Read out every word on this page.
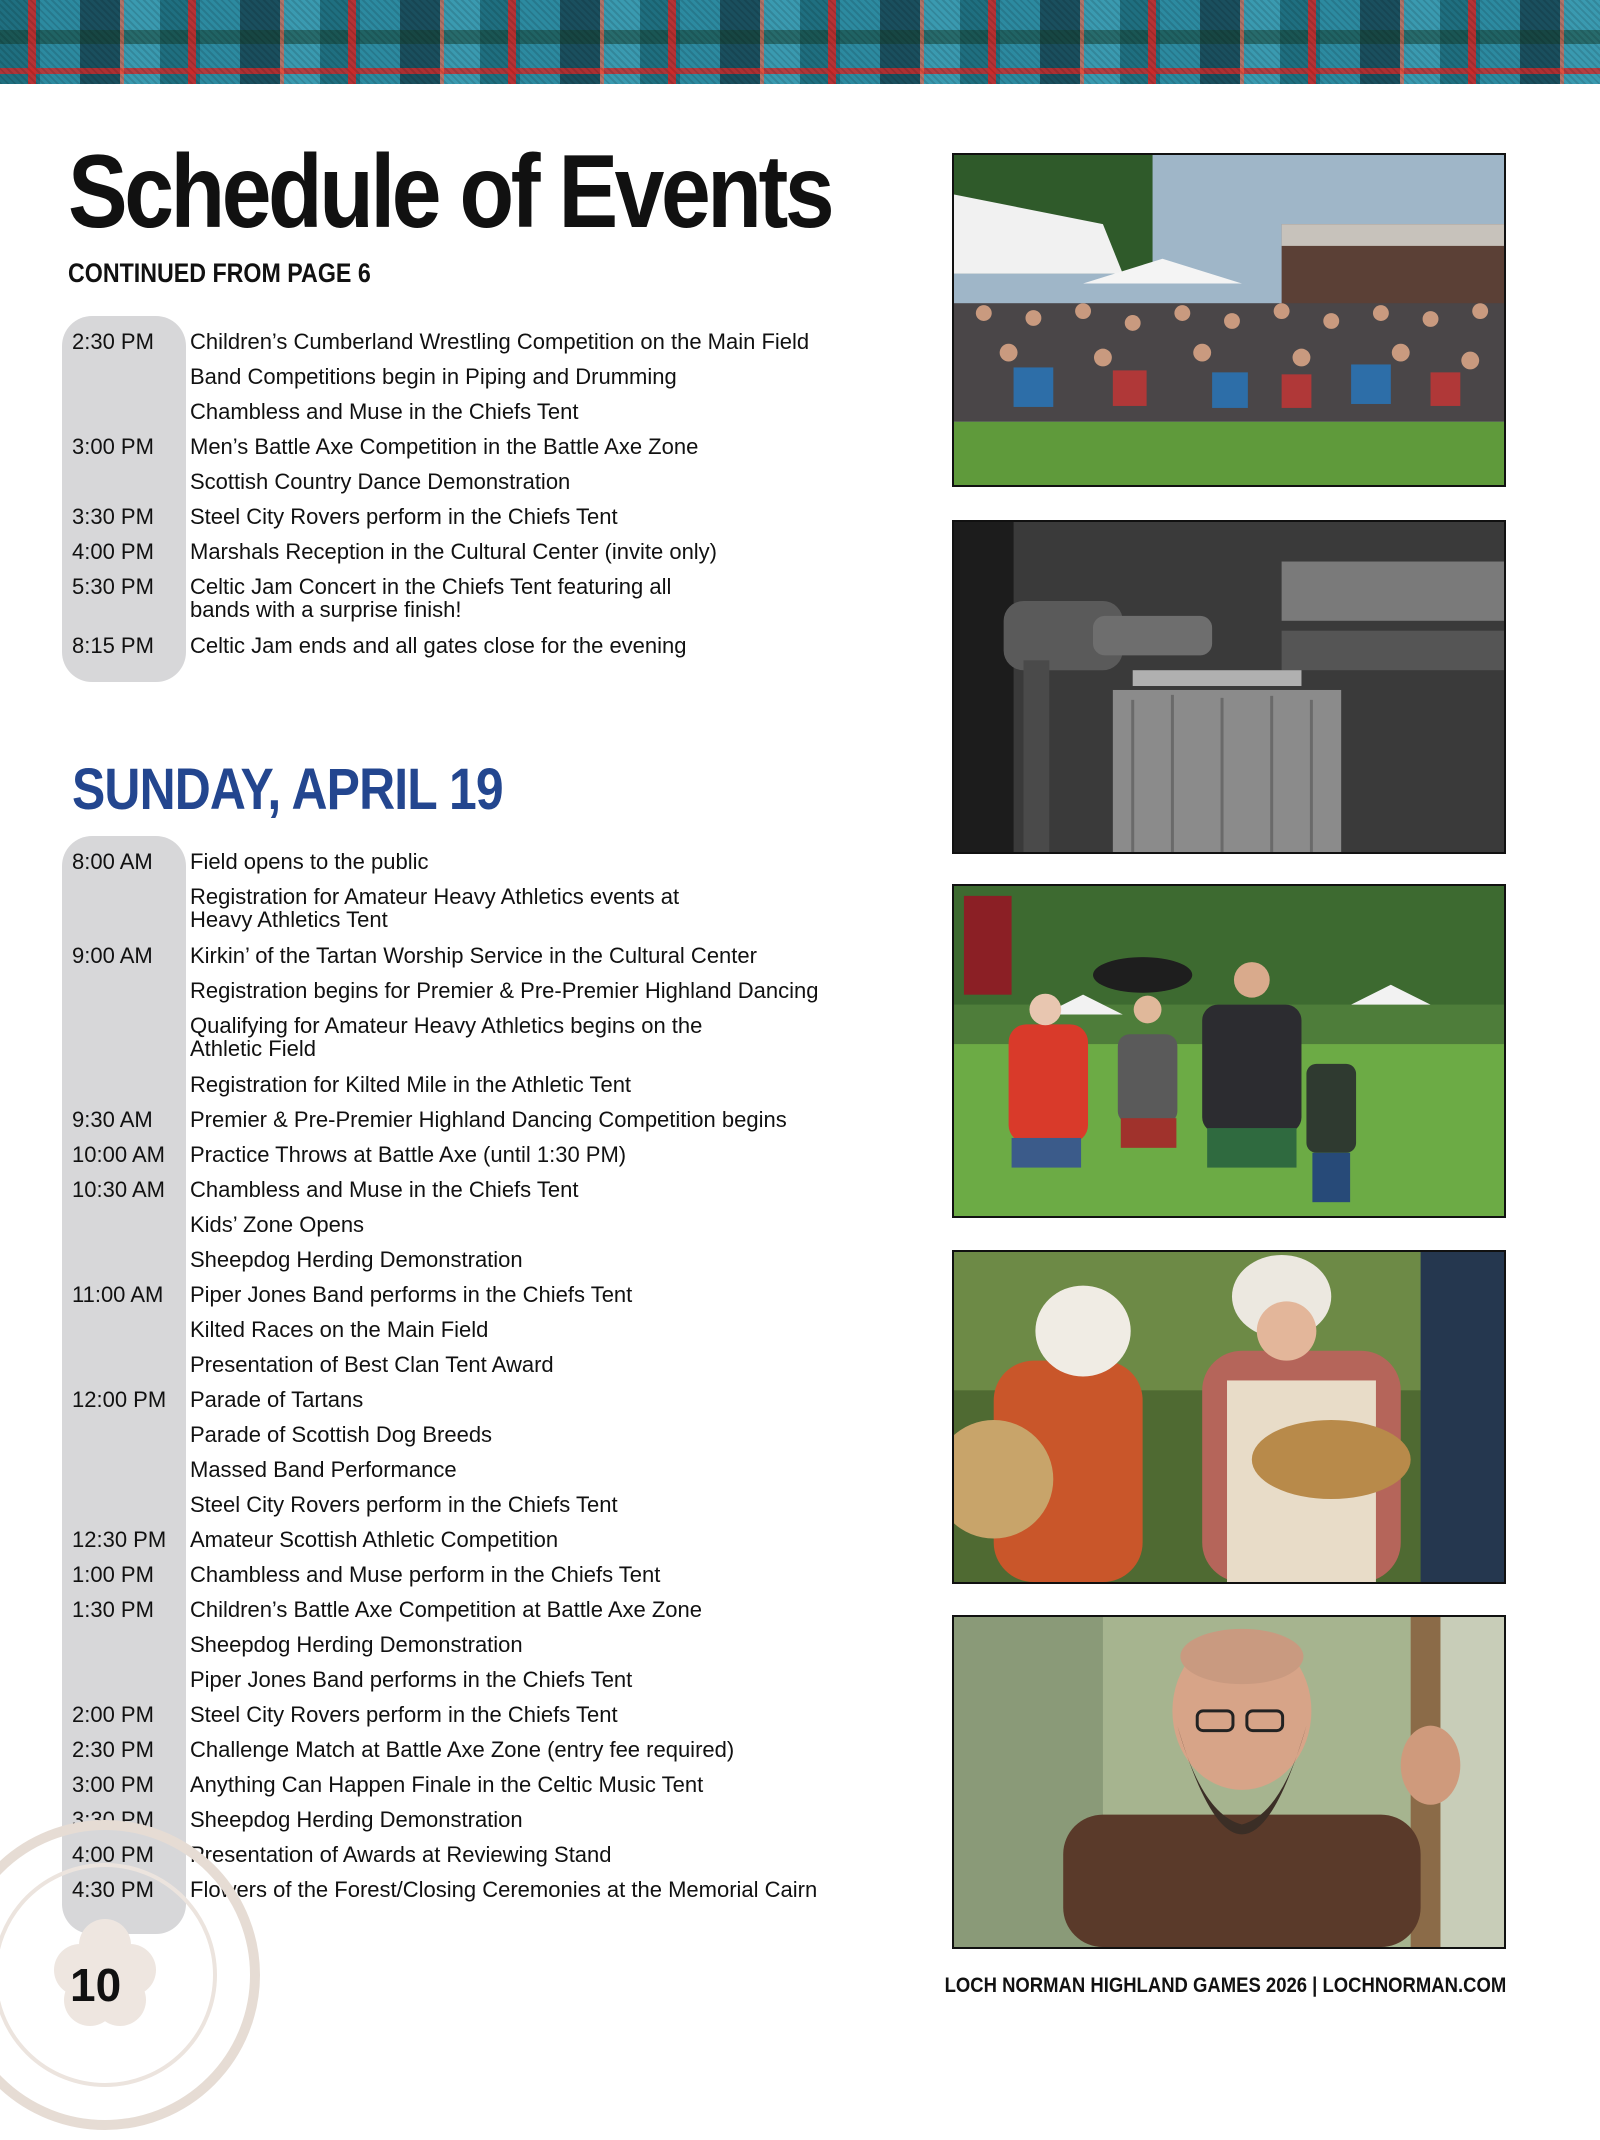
Schedule of Events
CONTINUED FROM PAGE 6
2:30 PM	Children’s Cumberland Wrestling Competition on the Main Field
Band Competitions begin in Piping and Drumming
Chambless and Muse in the Chiefs Tent
3:00 PM	Men’s Battle Axe Competition in the Battle Axe Zone
Scottish Country Dance Demonstration
3:30 PM	Steel City Rovers perform in the Chiefs Tent
4:00 PM	Marshals Reception in the Cultural Center (invite only)
5:30 PM	Celtic Jam Concert in the Chiefs Tent featuring all bands with a surprise finish!
8:15 PM	Celtic Jam ends and all gates close for the evening
SUNDAY, APRIL 19
8:00 AM	Field opens to the public
Registration for Amateur Heavy Athletics events at Heavy Athletics Tent
9:00 AM	Kirkin’ of the Tartan Worship Service in the Cultural Center
Registration begins for Premier & Pre-Premier Highland Dancing
Qualifying for Amateur Heavy Athletics begins on the Athletic Field
Registration for Kilted Mile in the Athletic Tent
9:30 AM	Premier & Pre-Premier Highland Dancing Competition begins
10:00 AM	Practice Throws at Battle Axe (until 1:30 PM)
10:30 AM	Chambless and Muse in the Chiefs Tent
Kids’ Zone Opens
Sheepdog Herding Demonstration
11:00 AM	Piper Jones Band performs in the Chiefs Tent
Kilted Races on the Main Field
Presentation of Best Clan Tent Award
12:00 PM	Parade of Tartans
Parade of Scottish Dog Breeds
Massed Band Performance
Steel City Rovers perform in the Chiefs Tent
12:30 PM	Amateur Scottish Athletic Competition
1:00 PM	Chambless and Muse perform in the Chiefs Tent
1:30 PM	Children’s Battle Axe Competition at Battle Axe Zone
Sheepdog Herding Demonstration
Piper Jones Band performs in the Chiefs Tent
2:00 PM	Steel City Rovers perform in the Chiefs Tent
2:30 PM	Challenge Match at Battle Axe Zone (entry fee required)
3:00 PM	Anything Can Happen Finale in the Celtic Music Tent
3:30 PM	Sheepdog Herding Demonstration
4:00 PM	Presentation of Awards at Reviewing Stand
4:30 PM	Flowers of the Forest/Closing Ceremonies at the Memorial Cairn
10	LOCH NORMAN HIGHLAND GAMES 2026 | LOCHNORMAN.COM
